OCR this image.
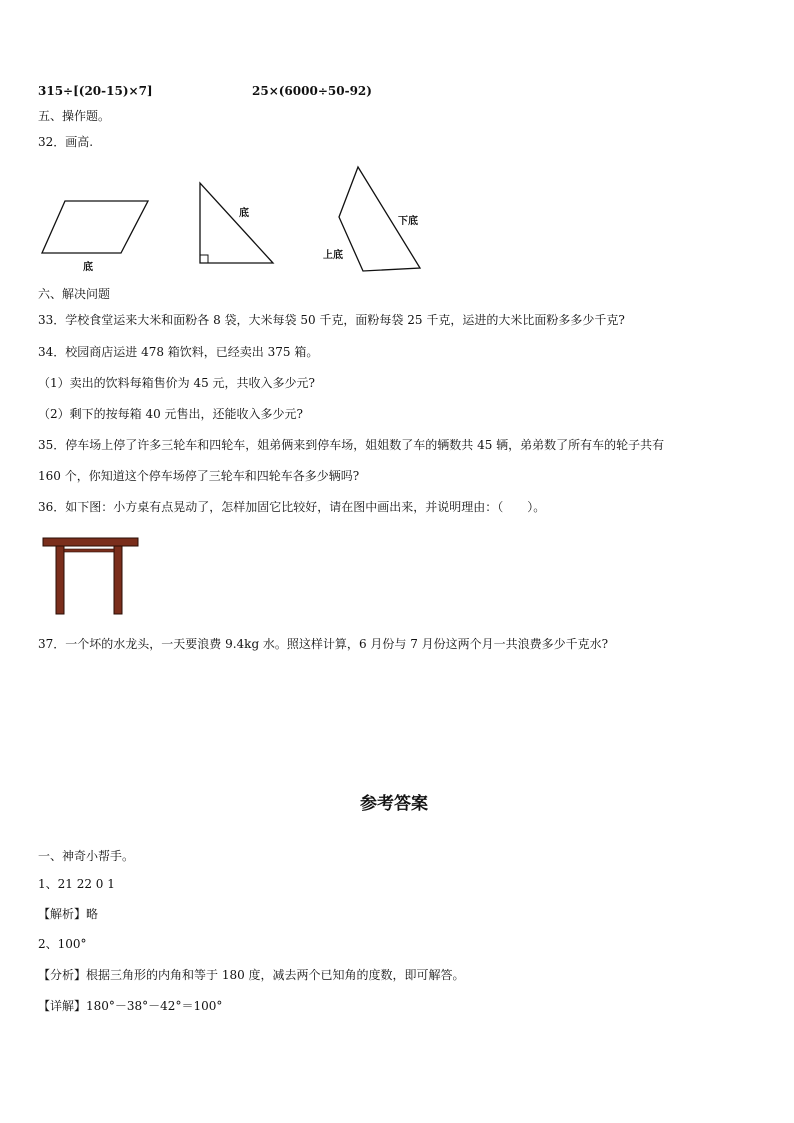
315÷[(20-15)×7]	25×(6000÷50-92)
五、操作题。
32．画高.
底
底
下底
上底
六、解决问题
33．学校食堂运来大米和面粉各 8 袋，大米每袋 50 千克，面粉每袋 25 千克，运进的大米比面粉多多少千克?
34．校园商店运进 478 箱饮料，已经卖出 375 箱。
（1）卖出的饮料每箱售价为 45 元，共收入多少元?
（2）剩下的按每箱 40 元售出，还能收入多少元?
35．停车场上停了许多三轮车和四轮车，姐弟俩来到停车场，姐姐数了车的辆数共 45 辆，弟弟数了所有车的轮子共有
160 个，你知道这个停车场停了三轮车和四轮车各多少辆吗?
36．如下图：小方桌有点晃动了，怎样加固它比较好，请在图中画出来，并说明理由：（　　）。
37．一个坏的水龙头，一天要浪费 9.4kg 水。照这样计算，6 月份与 7 月份这两个月一共浪费多少千克水?
参考答案
一、神奇小帮手。
1、21 22 0 1
【解析】略
2、100°
【分析】根据三角形的内角和等于 180 度，减去两个已知角的度数，即可解答。
【详解】180°－38°－42°＝100°
